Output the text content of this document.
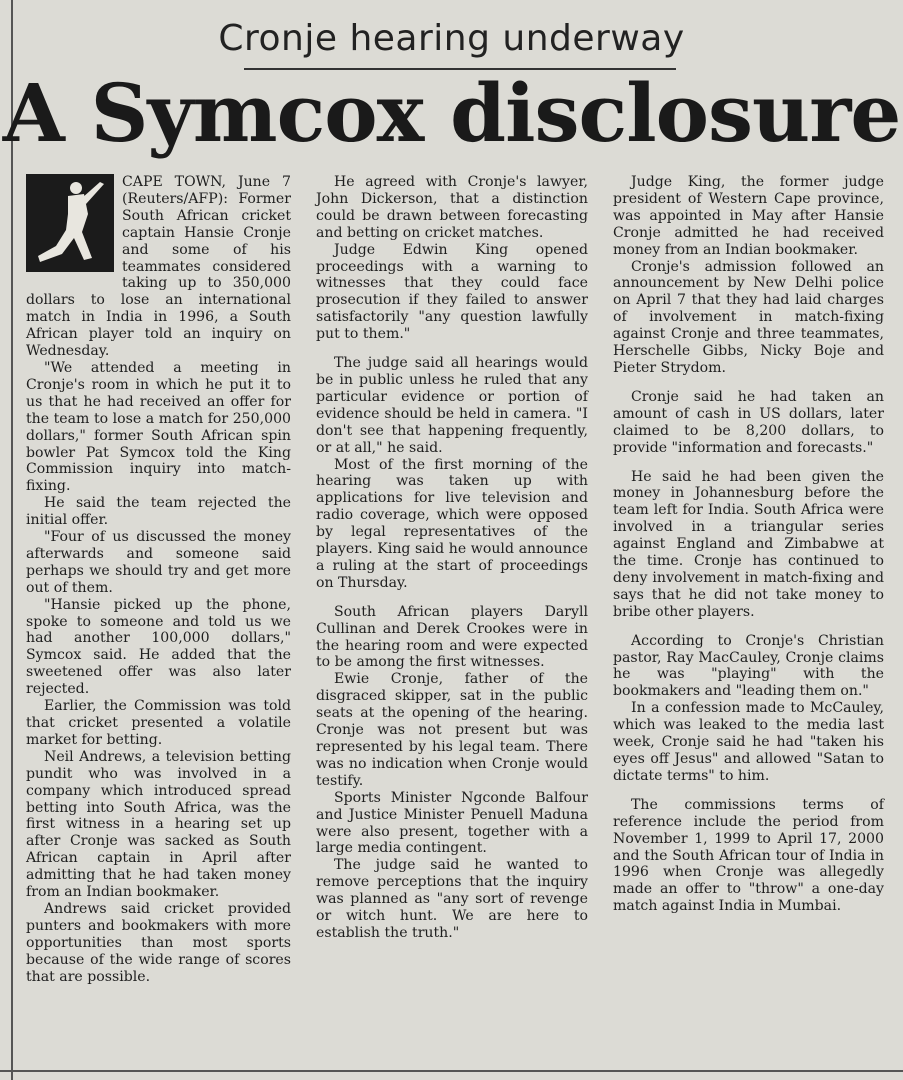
Cronje hearing underway
A Symcox disclosure

CAPE TOWN, June 7 (Reuters/AFP): Former South African cricket captain Hansie Cronje and some of his teammates considered taking up to 350,000 dollars to lose an international match in India in 1996, a South African player told an inquiry on Wednesday.

"We attended a meeting in Cronje's room in which he put it to us that he had received an offer for the team to lose a match for 250,000 dollars," former South African spin bowler Pat Symcox told the King Commission inquiry into match-fixing.

He said the team rejected the initial offer.

"Four of us discussed the money afterwards and someone said perhaps we should try and get more out of them.

"Hansie picked up the phone, spoke to someone and told us we had another 100,000 dollars," Symcox said. He added that the sweetened offer was also later rejected.

Earlier, the Commission was told that cricket presented a volatile market for betting.

Neil Andrews, a television betting pundit who was involved in a company which introduced spread betting into South Africa, was the first witness in a hearing set up after Cronje was sacked as South African captain in April after admitting that he had taken money from an Indian bookmaker.

Andrews said cricket provided punters and bookmakers with more opportunities than most sports because of the wide range of scores that are possible.

He agreed with Cronje's lawyer, John Dickerson, that a distinction could be drawn between forecasting and betting on cricket matches.

Judge Edwin King opened proceedings with a warning to witnesses that they could face prosecution if they failed to answer satisfactorily "any question lawfully put to them."

The judge said all hearings would be in public unless he ruled that any particular evidence or portion of evidence should be held in camera. "I don't see that happening frequently, or at all," he said.

Most of the first morning of the hearing was taken up with applications for live television and radio coverage, which were opposed by legal representatives of the players. King said he would announce a ruling at the start of proceedings on Thursday.

South African players Daryll Cullinan and Derek Crookes were in the hearing room and were expected to be among the first witnesses.

Ewie Cronje, father of the disgraced skipper, sat in the public seats at the opening of the hearing. Cronje was not present but was represented by his legal team. There was no indication when Cronje would testify.

Sports Minister Ngconde Balfour and Justice Minister Penuell Maduna were also present, together with a large media contingent.

The judge said he wanted to remove perceptions that the inquiry was planned as "any sort of revenge or witch hunt. We are here to establish the truth."

Judge King, the former judge president of Western Cape province, was appointed in May after Hansie Cronje admitted he had received money from an Indian bookmaker.

Cronje's admission followed an announcement by New Delhi police on April 7 that they had laid charges of involvement in match-fixing against Cronje and three teammates, Herschelle Gibbs, Nicky Boje and Pieter Strydom.

Cronje said he had taken an amount of cash in US dollars, later claimed to be 8,200 dollars, to provide "information and forecasts."

He said he had been given the money in Johannesburg before the team left for India. South Africa were involved in a triangular series against England and Zimbabwe at the time. Cronje has continued to deny involvement in match-fixing and says that he did not take money to bribe other players.

According to Cronje's Christian pastor, Ray MacCauley, Cronje claims he was "playing" with the bookmakers and "leading them on."

In a confession made to McCauley, which was leaked to the media last week, Cronje said he had "taken his eyes off Jesus" and allowed "Satan to dictate terms" to him.

The commissions terms of reference include the period from November 1, 1999 to April 17, 2000 and the South African tour of India in 1996 when Cronje was allegedly made an offer to "throw" a one-day match against India in Mumbai.
